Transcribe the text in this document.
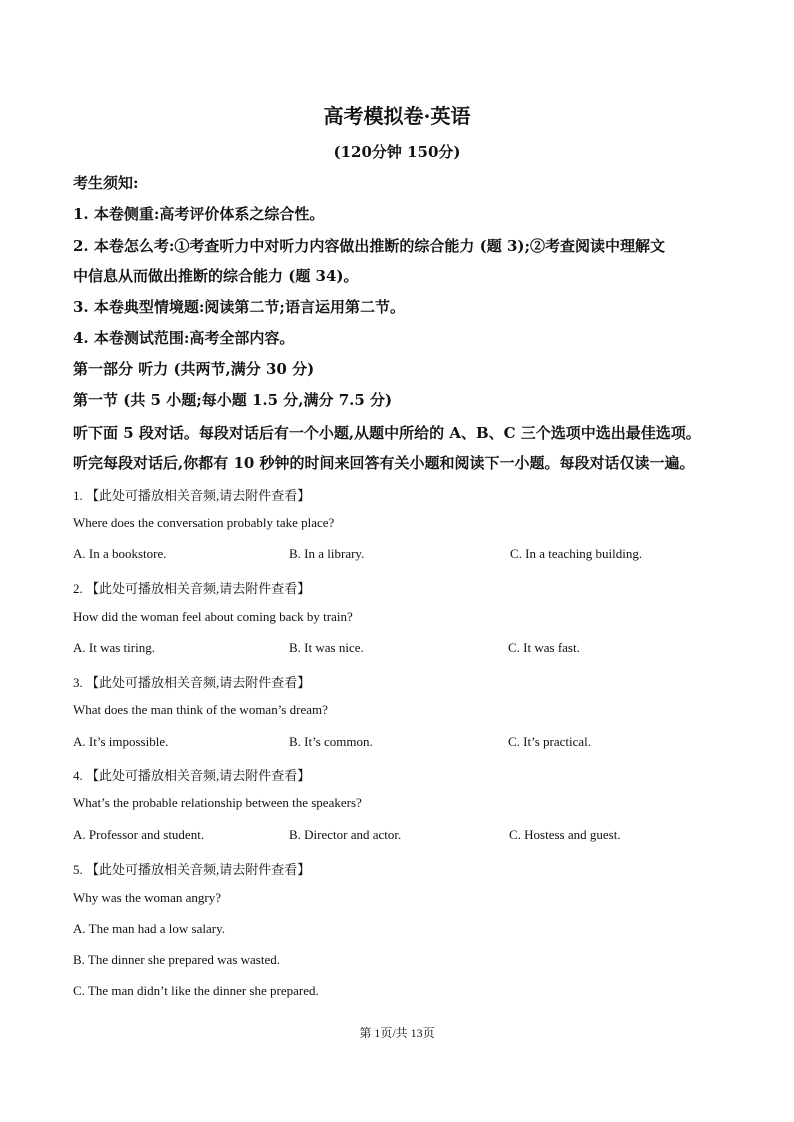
高考模拟卷·英语
(120分钟 150分)
考生须知:
1. 本卷侧重:高考评价体系之综合性。
2. 本卷怎么考:①考查听力中对听力内容做出推断的综合能力 (题 3);②考查阅读中理解文
中信息从而做出推断的综合能力 (题 34)。
3. 本卷典型情境题:阅读第二节;语言运用第二节。
4. 本卷测试范围:高考全部内容。
第一部分 听力 (共两节,满分 30 分)
第一节 (共 5 小题;每小题 1.5 分,满分 7.5 分)
听下面 5 段对话。每段对话后有一个小题,从题中所给的 A、B、C 三个选项中选出最佳选项。
听完每段对话后,你都有 10 秒钟的时间来回答有关小题和阅读下一小题。每段对话仅读一遍。
1. 【此处可播放相关音频,请去附件查看】
Where does the conversation probably take place?
A. In a bookstore.	B. In a library.	C. In a teaching building.
2. 【此处可播放相关音频,请去附件查看】
How did the woman feel about coming back by train?
A. It was tiring.	B. It was nice.	C. It was fast.
3. 【此处可播放相关音频,请去附件查看】
What does the man think of the woman’s dream?
A. It’s impossible.	B. It’s common.	C. It’s practical.
4. 【此处可播放相关音频,请去附件查看】
What’s the probable relationship between the speakers?
A. Professor and student.	B. Director and actor.	C. Hostess and guest.
5. 【此处可播放相关音频,请去附件查看】
Why was the woman angry?
A. The man had a low salary.
B. The dinner she prepared was wasted.
C. The man didn’t like the dinner she prepared.
第 1页/共 13页
